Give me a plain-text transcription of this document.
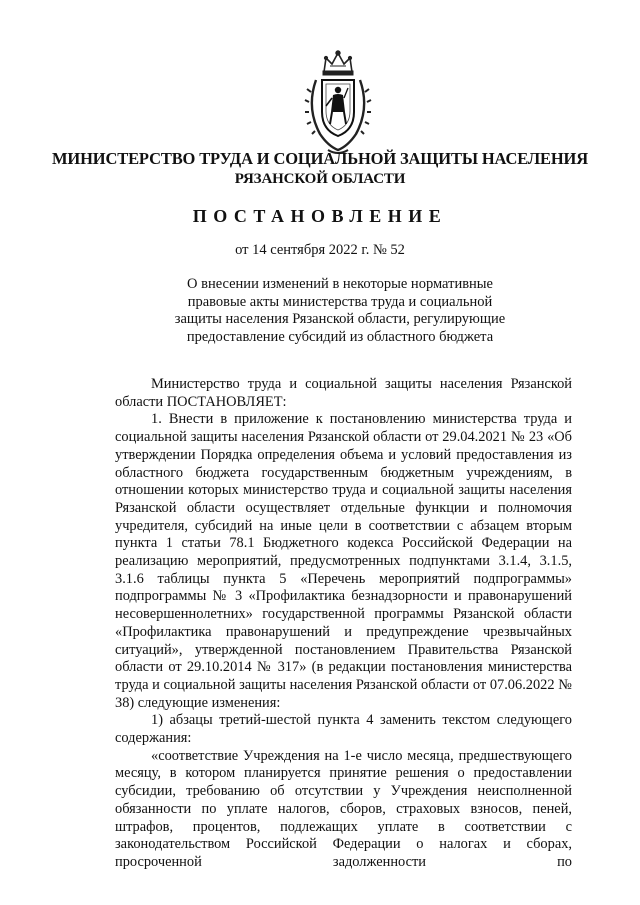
МИНИСТЕРСТВО ТРУДА И СОЦИАЛЬНОЙ ЗАЩИТЫ НАСЕЛЕНИЯ
РЯЗАНСКОЙ ОБЛАСТИ
ПОСТАНОВЛЕНИЕ
от 14 сентября 2022 г. № 52
О внесении изменений в некоторые нормативные
правовые акты министерства труда и социальной
защиты населения Рязанской области, регулирующие
предоставление субсидий из областного бюджета

Министерство труда и социальной защиты населения Рязанской области ПОСТАНОВЛЯЕТ:

1. Внести в приложение к постановлению министерства труда и социальной защиты населения Рязанской области от 29.04.2021 № 23 «Об утверждении Порядка определения объема и условий предоставления из областного бюджета государственным бюджетным учреждениям, в отношении которых министерство труда и социальной защиты населения Рязанской области осуществляет отдельные функции и полномочия учредителя, субсидий на иные цели в соответствии с абзацем вторым пункта 1 статьи 78.1 Бюджетного кодекса Российской Федерации на реализацию мероприятий, предусмотренных подпунктами 3.1.4, 3.1.5, 3.1.6 таблицы пункта 5 «Перечень мероприятий подпрограммы» подпрограммы № 3 «Профилактика безнадзорности и правонарушений несовершеннолетних» государственной программы Рязанской области «Профилактика правонарушений и предупреждение чрезвычайных ситуаций», утвержденной постановлением Правительства Рязанской области от 29.10.2014 № 317» (в редакции постановления министерства труда и социальной защиты населения Рязанской области от 07.06.2022 № 38) следующие изменения:

1) абзацы третий-шестой пункта 4 заменить текстом следующего содержания:

«соответствие Учреждения на 1-е число месяца, предшествующего месяцу, в котором планируется принятие решения о предоставлении субсидии, требованию об отсутствии у Учреждения неисполненной обязанности по уплате налогов, сборов, страховых взносов, пеней, штрафов, процентов, подлежащих уплате в соответствии с законодательством Российской Федерации о налогах и сборах, просроченной задолженности по
